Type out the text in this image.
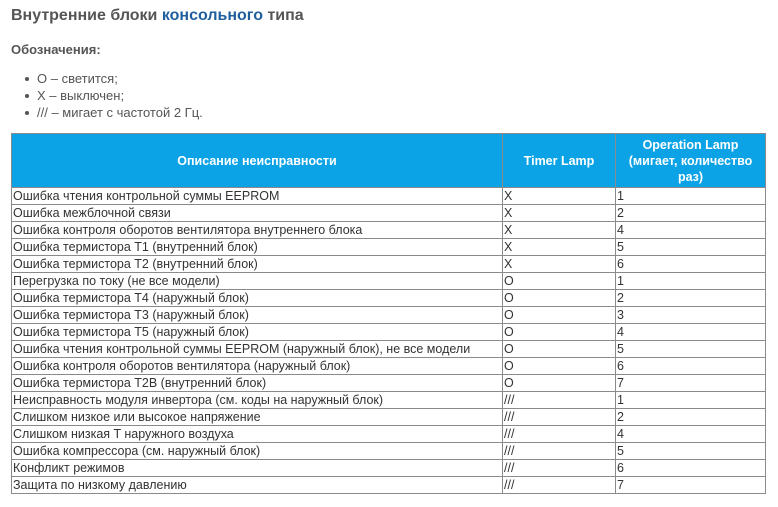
Внутренние блоки консольного типа

Обозначения:

O – светится;
X – выключен;
/// – мигает с частотой 2 Гц.
Описание неисправности	Timer Lamp	Operation Lamp (мигает, количество раз)
Ошибка чтения контрольной суммы EEPROM	X	1
Ошибка межблочной связи	X	2
Ошибка контроля оборотов вентилятора внутреннего блока	X	4
Ошибка термистора T1 (внутренний блок)	X	5
Ошибка термистора T2 (внутренний блок)	X	6
Перегрузка по току (не все модели)	O	1
Ошибка термистора T4 (наружный блок)	O	2
Ошибка термистора T3 (наружный блок)	O	3
Ошибка термистора T5 (наружный блок)	O	4
Ошибка чтения контрольной суммы EEPROM (наружный блок), не все модели	O	5
Ошибка контроля оборотов вентилятора (наружный блок)	O	6
Ошибка термистора T2B (внутренний блок)	O	7
Неисправность модуля инвертора (см. коды на наружный блок)	///	1
Слишком низкое или высокое напряжение	///	2
Слишком низкая T наружного воздуха	///	4
Ошибка компрессора (см. наружный блок)	///	5
Конфликт режимов	///	6
Защита по низкому давлению	///	7
